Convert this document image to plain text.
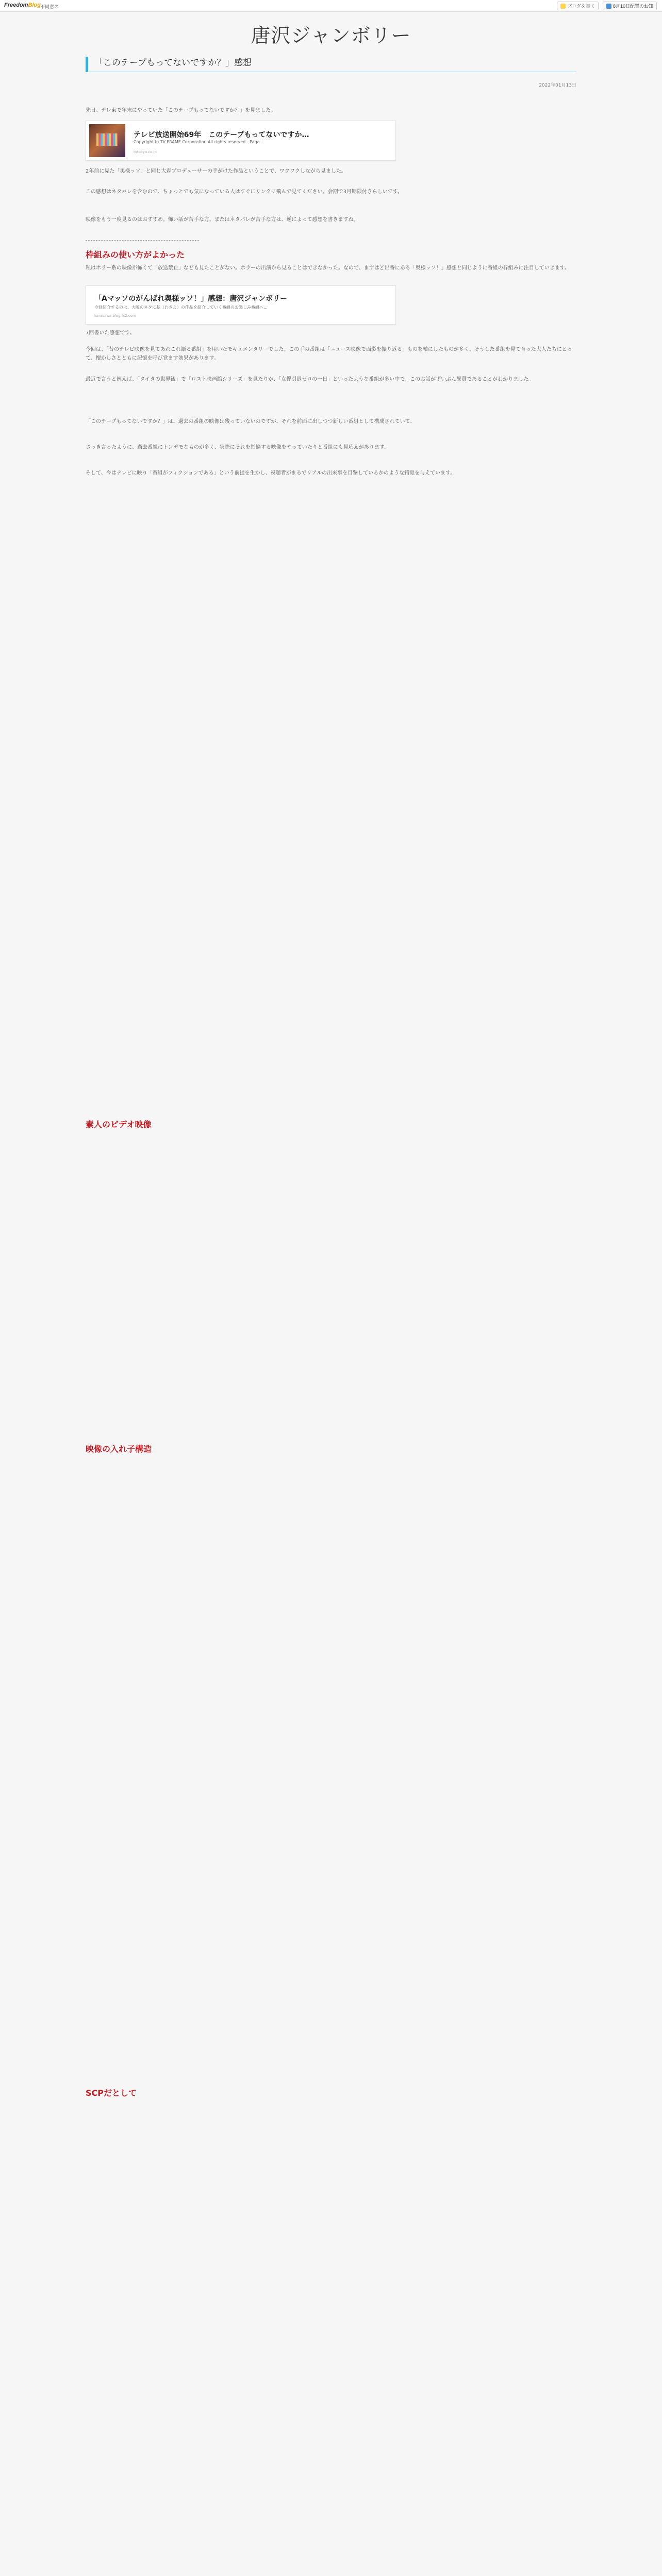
FreedomBlog 不同意の	ブログを書く	8月10日配置のお知
唐沢ジャンボリー
「このテープもってないですか？」感想
2022年01月13日

先日、テレ東で年末にやっていた「このテープもってないですか？」を見ました。

テレビ放送開始69年　このテープもってないですか…
Copyright In TV FRAME Corporation All rights reserved - Paga...
tvtokyo.co.jp

2年前に見た「奥様ッソ」と同じ大森プロデューサーの手がけた作品ということで、ワクワクしながら見ました。

この感想はネタバレを含むので、ちょっとでも気になっている人はすぐにリンクに飛んで見てください。会期で3月期限付きらしいです。

映像をもう一度見るのはおすすめ。怖い話が苦手な方、またはネタバレが苦手な方は、逆によって感想を書きますね。

枠組みの使い方がよかった

私はホラー系の映像が怖くて「放送禁止」なども見たことがない。ホラーの出演から見ることはできなかった。なので、まずはど出番にある「奥様ッソ！」感想と同じように番組の枠組みに注目していきます。

「Aマッソのがんばれ奥様ッソ！」感想：唐沢ジャンボリー
今回紹介するのは、大阪のネタに基（わさよ）の作品を紹介していく番組のお楽しみ番組へ…
karasawa.blog.fc2.com

7回書いた感想です。

今回は、「昔のテレビ映像を見てあれこれ語る番組」を用いたモキュメンタリーでした。この手の番組は「ニュース映像で面影を振り返る」ものを軸にしたものが多く、そうした番組を見て育った大人たちにとって、懐かしさとともに記憶を呼び覚ます効果があります。

最近で言うと例えば、「タイタの世界観」で「ロスト映画館シリーズ」を見たりか、「女優引退ゼロの一日」といったような番組が多い中で、このお話がずいぶん異質であることがわかりました。

「このテープもってないですか？」は、過去の番組の映像は残っていないのですが、それを前面に出しつつ新しい番組として構成されていて、

さっき言ったように、過去番組にトンデモなものが多く、実際にそれを指摘する映像をやっていたりと番組にも見応えがあります。

そして、今はテレビに映り「番組がフィクションである」という前提を生かし、視聴者がまるでリアルの出来事を目撃しているかのような錯覚を与えています。

素人のビデオ映像
映像の入れ子構造
SCPだとして
